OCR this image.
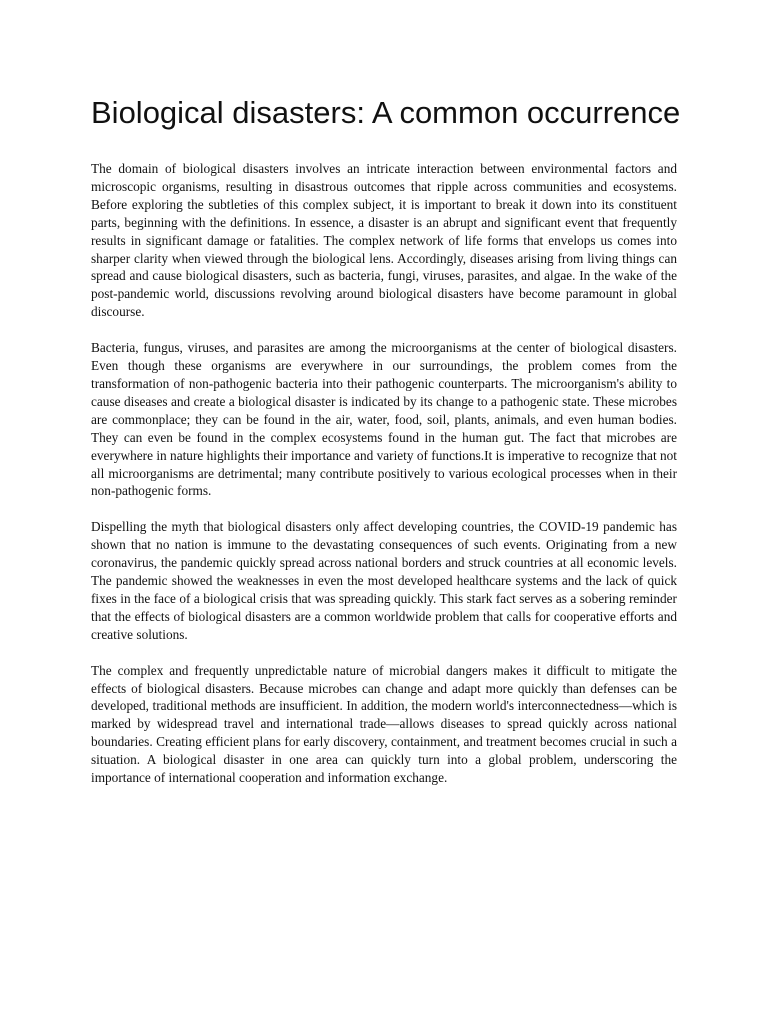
Biological disasters: A common occurrence

The domain of biological disasters involves an intricate interaction between environmental factors and microscopic organisms, resulting in disastrous outcomes that ripple across communities and ecosystems. Before exploring the subtleties of this complex subject, it is important to break it down into its constituent parts, beginning with the definitions. In essence, a disaster is an abrupt and significant event that frequently results in significant damage or fatalities. The complex network of life forms that envelops us comes into sharper clarity when viewed through the biological lens. Accordingly, diseases arising from living things can spread and cause biological disasters, such as bacteria, fungi, viruses, parasites, and algae. In the wake of the post-pandemic world, discussions revolving around biological disasters have become paramount in global discourse.

Bacteria, fungus, viruses, and parasites are among the microorganisms at the center of biological disasters. Even though these organisms are everywhere in our surroundings, the problem comes from the transformation of non-pathogenic bacteria into their pathogenic counterparts. The microorganism's ability to cause diseases and create a biological disaster is indicated by its change to a pathogenic state. These microbes are commonplace; they can be found in the air, water, food, soil, plants, animals, and even human bodies. They can even be found in the complex ecosystems found in the human gut. The fact that microbes are everywhere in nature highlights their importance and variety of functions.It is imperative to recognize that not all microorganisms are detrimental; many contribute positively to various ecological processes when in their non-pathogenic forms.

Dispelling the myth that biological disasters only affect developing countries, the COVID-19 pandemic has shown that no nation is immune to the devastating consequences of such events. Originating from a new coronavirus, the pandemic quickly spread across national borders and struck countries at all economic levels. The pandemic showed the weaknesses in even the most developed healthcare systems and the lack of quick fixes in the face of a biological crisis that was spreading quickly. This stark fact serves as a sobering reminder that the effects of biological disasters are a common worldwide problem that calls for cooperative efforts and creative solutions.

The complex and frequently unpredictable nature of microbial dangers makes it difficult to mitigate the effects of biological disasters. Because microbes can change and adapt more quickly than defenses can be developed, traditional methods are insufficient. In addition, the modern world's interconnectedness—which is marked by widespread travel and international trade—allows diseases to spread quickly across national boundaries. Creating efficient plans for early discovery, containment, and treatment becomes crucial in such a situation. A biological disaster in one area can quickly turn into a global problem, underscoring the importance of international cooperation and information exchange.
